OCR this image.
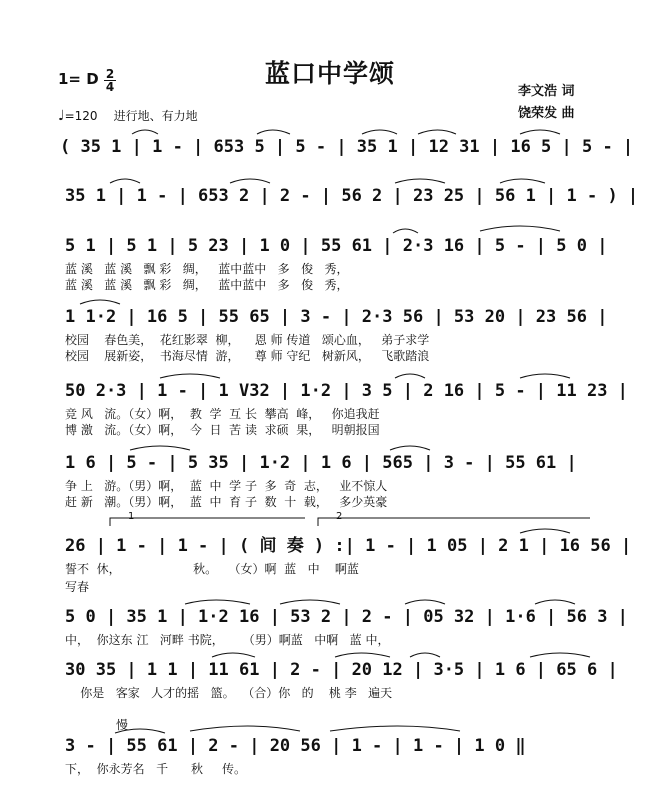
蓝口中学颂
1= D 2
4
♩=120 进行地、有力地
李文浩 词
饶荣发 曲
( 35 1 | 1 - | 653 5 | 5 - | 35 1 | 12 31 | 16 5 | 5 - |
35 1 | 1 - | 653 2 | 2 - | 56 2 | 23 25 | 56 1 | 1 - ) |
5 1 | 5 1 | 5 23 | 1 0 | 55 61 | 2·3 16 | 5 - | 5 0 |
蓝 溪   蓝 溪   飘 彩   绸，   蓝中蓝中   多   俊   秀，
蓝 溪   蓝 溪   飘 彩   绸，   蓝中蓝中   多   俊   秀，
1 1·2 | 16 5 | 55 65 | 3 - | 2·3 56 | 53 20 | 23 56 |
校园    春色美，  花红影翠  柳，    恩 师 传道   颂心血，   弟子求学
校园    展新姿，  书海尽情  游，    尊 师 守纪   树新风，   飞歌踏浪
50 2·3 | 1 - | 1 V32 | 1·2 | 3 5 | 2 16 | 5 - | 11 23 |
竞 风   流。（女）啊，  教  学  互 长  攀高  峰，   你追我赶
博 激   流。（女）啊，  今  日  苦 读  求硕  果，   明朝报国
1 6 | 5 - | 5 35 | 1·2 | 1 6 | 565 | 3 - | 55 61 |
争 上   游。（男）啊，  蓝  中  学 子  多  奇  志，   业不惊人
赶 新   潮。（男）啊，  蓝  中  育 子  数  十  载，   多少英豪
1	2
26 | 1 - | 1 - | ( 间 奏 ) :| 1 - | 1 05 | 2 1 | 16 56 |
誓不  休，                   秋。   （女）啊  蓝   中    啊蓝
写春
5 0 | 35 1 | 1·2 16 | 53 2 | 2 - | 05 32 | 1·6 | 56 3 |
中，  你这东 江   河畔 书院，     （男）啊蓝   中啊   蓝 中，
30 35 | 1 1 | 11 61 | 2 - | 20 12 | 3·5 | 1 6 | 65 6 |
你是   客家   人才的摇   篮。  （合）你   的    桃 李   遍天
慢
3 - | 55 61 | 2 - | 20 56 | 1 - | 1 - | 1 0 ‖
下，  你永芳名   千      秋     传。
